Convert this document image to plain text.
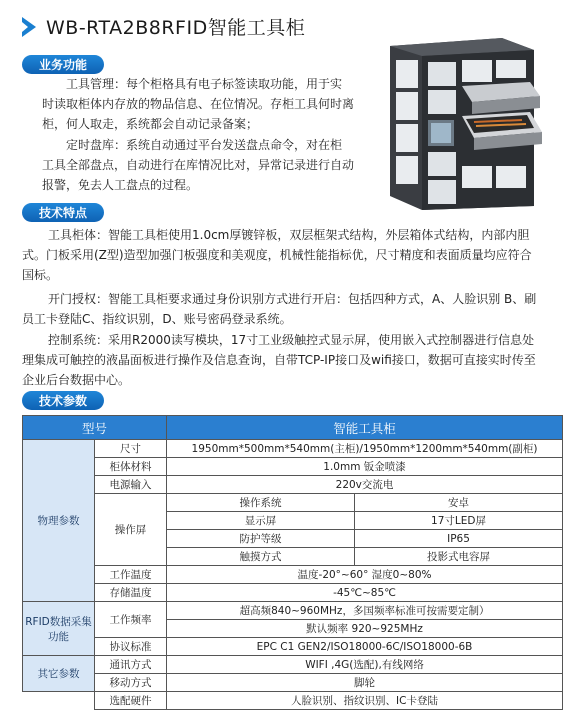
WB-RTA2B8RFID智能工具柜
业务功能
工具管理：每个柜格具有电子标签读取功能，用于实
时读取柜体内存放的物品信息、在位情况。存柜工具何时离
柜，何人取走，系统都会自动记录备案；
定时盘库：系统自动通过平台发送盘点命令，对在柜
工具全部盘点，自动进行在库情况比对，异常记录进行自动
报警，免去人工盘点的过程。
技术特点
工具柜体：智能工具柜使用1.0cm厚镀锌板，双层框架式结构，外层箱体式结构，内部内胆
式。门板采用(Z型)造型加强门板强度和美观度，机械性能指标优，尺寸精度和表面质量均应符合
国标。
开门授权：智能工具柜要求通过身份识别方式进行开启：包括四种方式，A、人脸识别 B、刷
员工卡登陆C、指纹识别，D、账号密码登录系统。
控制系统：采用R2000读写模块，17寸工业级触控式显示屏，使用嵌入式控制器进行信息处
理集成可触控的液晶面板进行操作及信息查询，自带TCP-IP接口及wifi接口，数据可直接实时传至
企业后台数据中心。
技术参数
型号		智能工具柜	
物理参数	尺寸	1950mm*500mm*540mm(主柜)/1950mm*1200mm*540mm(副柜)	
	柜体材料	1.0mm 钣金喷漆	
	电源输入	220v交流电	
	操作屏	操作系统	安卓
		显示屏	17寸LED屏
		防护等级	IP65
		触摸方式	投影式电容屏
	工作温度	温度-20°~60° 湿度0~80%	
	存储温度	-45℃~85℃	
RFID数据采集功能	工作频率	超高频840~960MHz，多国频率标准可按需要定制）	
		默认频率 920~925MHz	
	协议标准	EPC C1 GEN2/ISO18000-6C/ISO18000-6B	
其它参数	通讯方式	WIFI ,4G(选配),有线网络	
	移动方式	脚轮	
	选配硬件	人脸识别、指纹识别、IC卡登陆	
